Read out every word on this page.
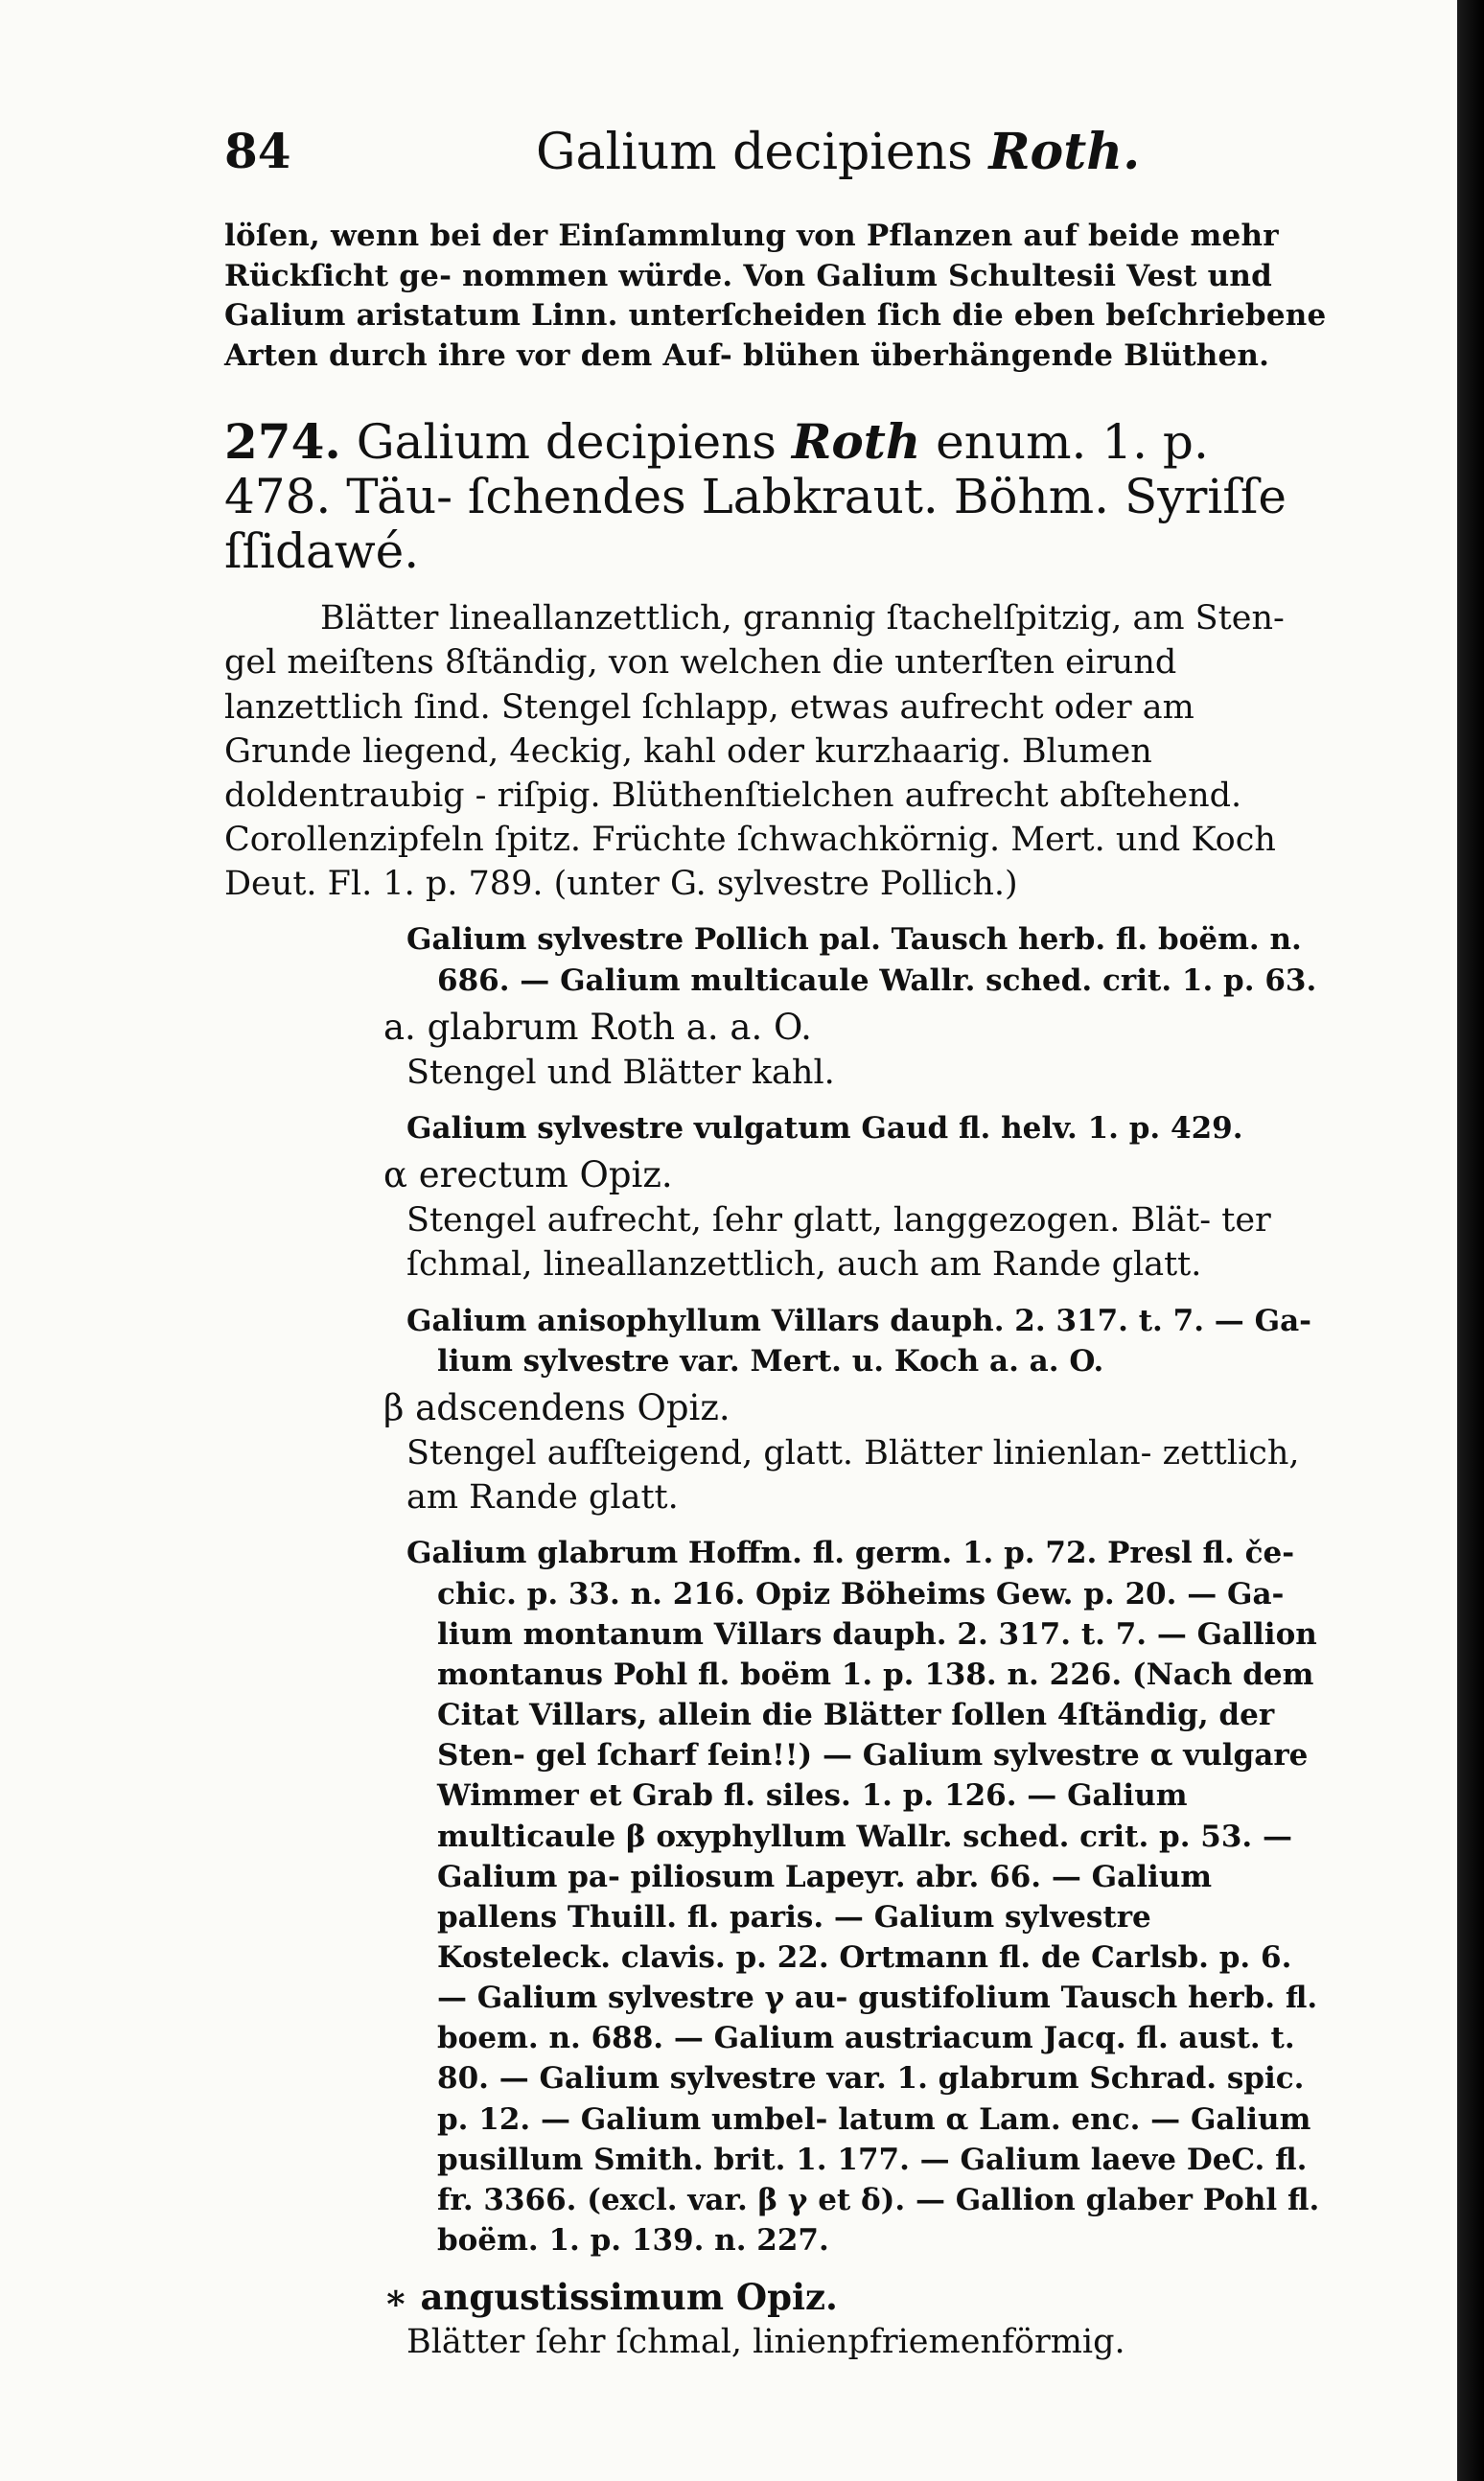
84	Galium decipiens Roth.

löſen, wenn bei der Einſammlung von Pflanzen auf beide mehr Rückſicht ge- nommen würde. Von Galium Schultesii Vest und Galium aristatum Linn. unterſcheiden ſich die eben beſchriebene Arten durch ihre vor dem Auf- blühen überhängende Blüthen.

274. Galium decipiens Roth enum. 1. p. 478. Täu- ſchendes Labkraut. Böhm. Syriſſe ſſidawé.

Blätter lineallanzettlich, grannig ſtachelſpitzig, am Sten- gel meiſtens 8ſtändig, von welchen die unterſten eirund lanzettlich ſind. Stengel ſchlapp, etwas aufrecht oder am Grunde liegend, 4eckig, kahl oder kurzhaarig. Blumen doldentraubig - riſpig. Blüthenſtielchen aufrecht abſtehend. Corollenzipfeln ſpitz. Früchte ſchwachkörnig. Mert. und Koch Deut. Fl. 1. p. 789. (unter G. sylvestre Pollich.)

Galium sylvestre Pollich pal. Tausch herb. fl. boëm. n. 686. — Galium multicaule Wallr. sched. crit. 1. p. 63.

a. glabrum Roth a. a. O.

Stengel und Blätter kahl.

Galium sylvestre vulgatum Gaud fl. helv. 1. p. 429.

α erectum Opiz.

Stengel aufrecht, ſehr glatt, langgezogen. Blät- ter ſchmal, lineallanzettlich, auch am Rande glatt.

Galium anisophyllum Villars dauph. 2. 317. t. 7. — Ga- lium sylvestre var. Mert. u. Koch a. a. O.

β adscendens Opiz.

Stengel aufſteigend, glatt. Blätter linienlan- zettlich, am Rande glatt.

Galium glabrum Hoffm. fl. germ. 1. p. 72. Presl fl. če- chic. p. 33. n. 216. Opiz Böheims Gew. p. 20. — Ga- lium montanum Villars dauph. 2. 317. t. 7. — Gallion montanus Pohl fl. boëm 1. p. 138. n. 226. (Nach dem Citat Villars, allein die Blätter ſollen 4ſtändig, der Sten- gel ſcharf ſein!!) — Galium sylvestre α vulgare Wimmer et Grab fl. siles. 1. p. 126. — Galium multicaule β oxyphyllum Wallr. sched. crit. p. 53. — Galium pa- piliosum Lapeyr. abr. 66. — Galium pallens Thuill. fl. paris. — Galium sylvestre Kosteleck. clavis. p. 22. Ortmann fl. de Carlsb. p. 6. — Galium sylvestre γ au- gustifolium Tausch herb. fl. boem. n. 688. — Galium austriacum Jacq. fl. aust. t. 80. — Galium sylvestre var. 1. glabrum Schrad. spic. p. 12. — Galium umbel- latum α Lam. enc. — Galium pusillum Smith. brit. 1. 177. — Galium laeve DeC. fl. fr. 3366. (excl. var. β γ et δ). — Gallion glaber Pohl fl. boëm. 1. p. 139. n. 227.

∗ angustissimum Opiz.

Blätter ſehr ſchmal, linienpfriemenförmig.
